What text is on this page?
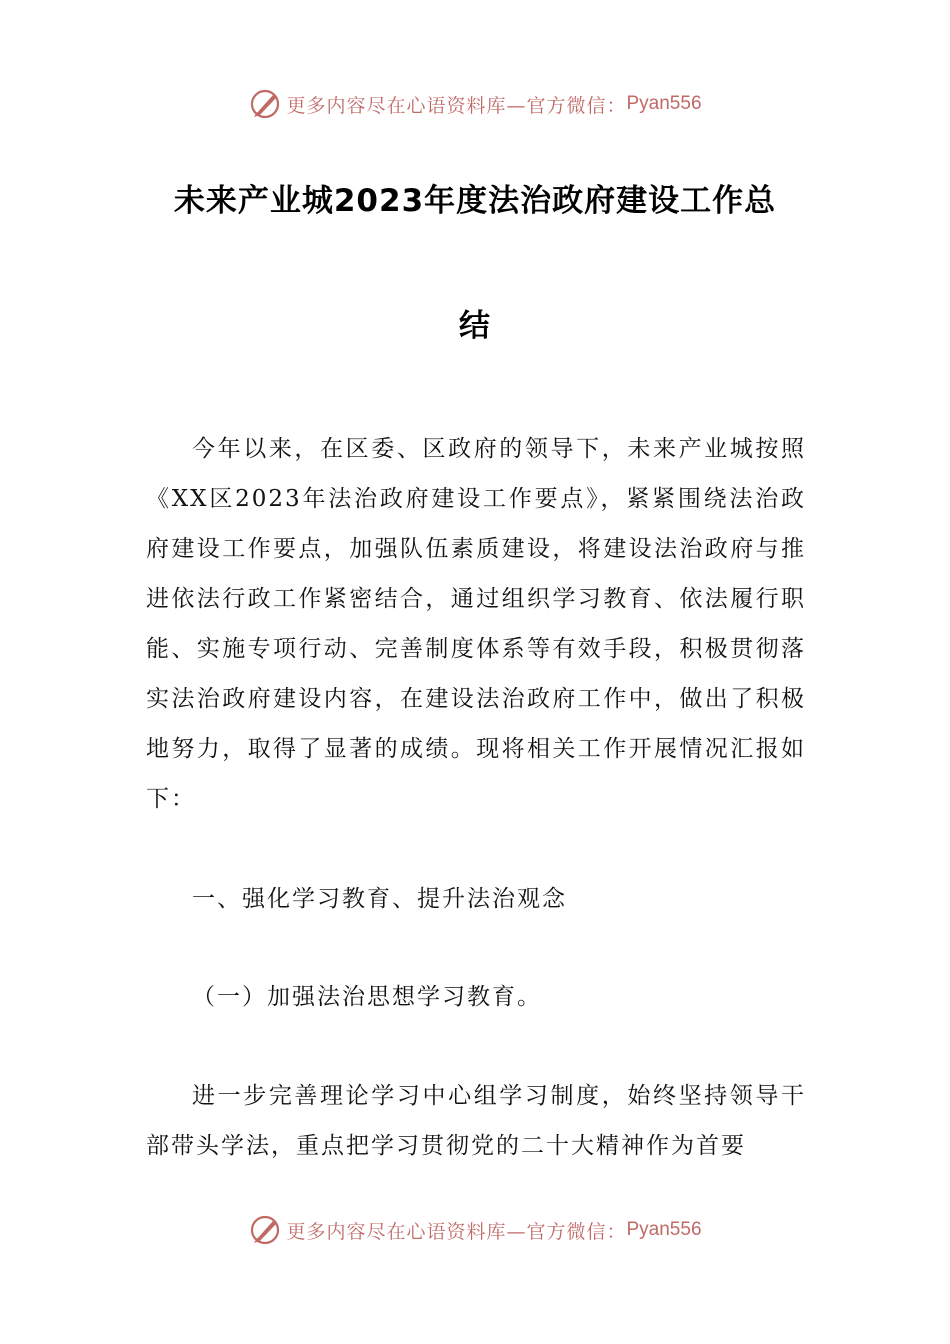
更多内容尽在心语资料库—官方微信： Pyan556
未来产业城2023年度法治政府建设工作总
结
今年以来，在区委、区政府的领导下，未来产业城按照《XX区2023年法治政府建设工作要点》，紧紧围绕法治政府建设工作要点，加强队伍素质建设，将建设法治政府与推进依法行政工作紧密结合，通过组织学习教育、依法履行职能、实施专项行动、完善制度体系等有效手段，积极贯彻落实法治政府建设内容，在建设法治政府工作中，做出了积极地努力，取得了显著的成绩。现将相关工作开展情况汇报如下：
一、强化学习教育、提升法治观念
（一）加强法治思想学习教育。
进一步完善理论学习中心组学习制度，始终坚持领导干部带头学法，重点把学习贯彻党的二十大精神作为首要
更多内容尽在心语资料库—官方微信： Pyan556
